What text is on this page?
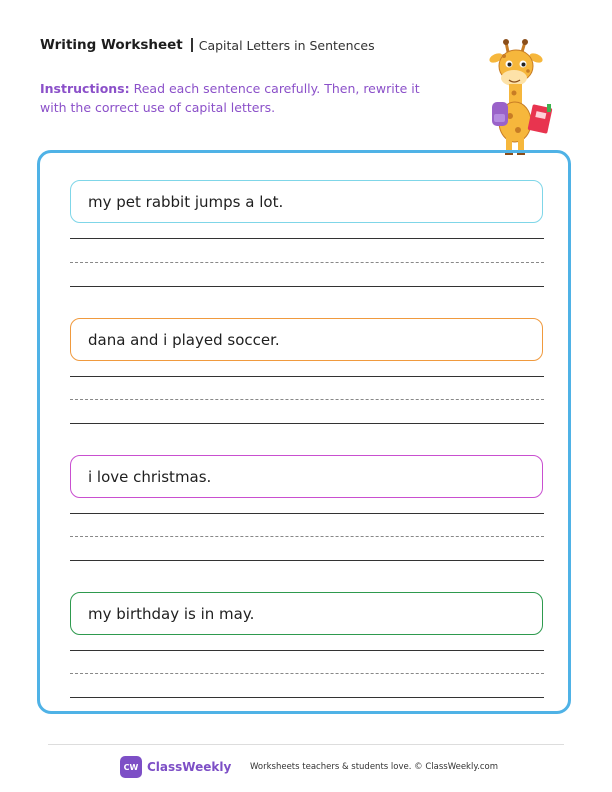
Writing Worksheet Capital Letters in Sentences
Instructions: Read each sentence carefully. Then, rewrite it with the correct use of capital letters.
my pet rabbit jumps a lot.
dana and i played soccer.
i love christmas.
my birthday is in may.
CW ClassWeekly Worksheets teachers & students love. © ClassWeekly.com
